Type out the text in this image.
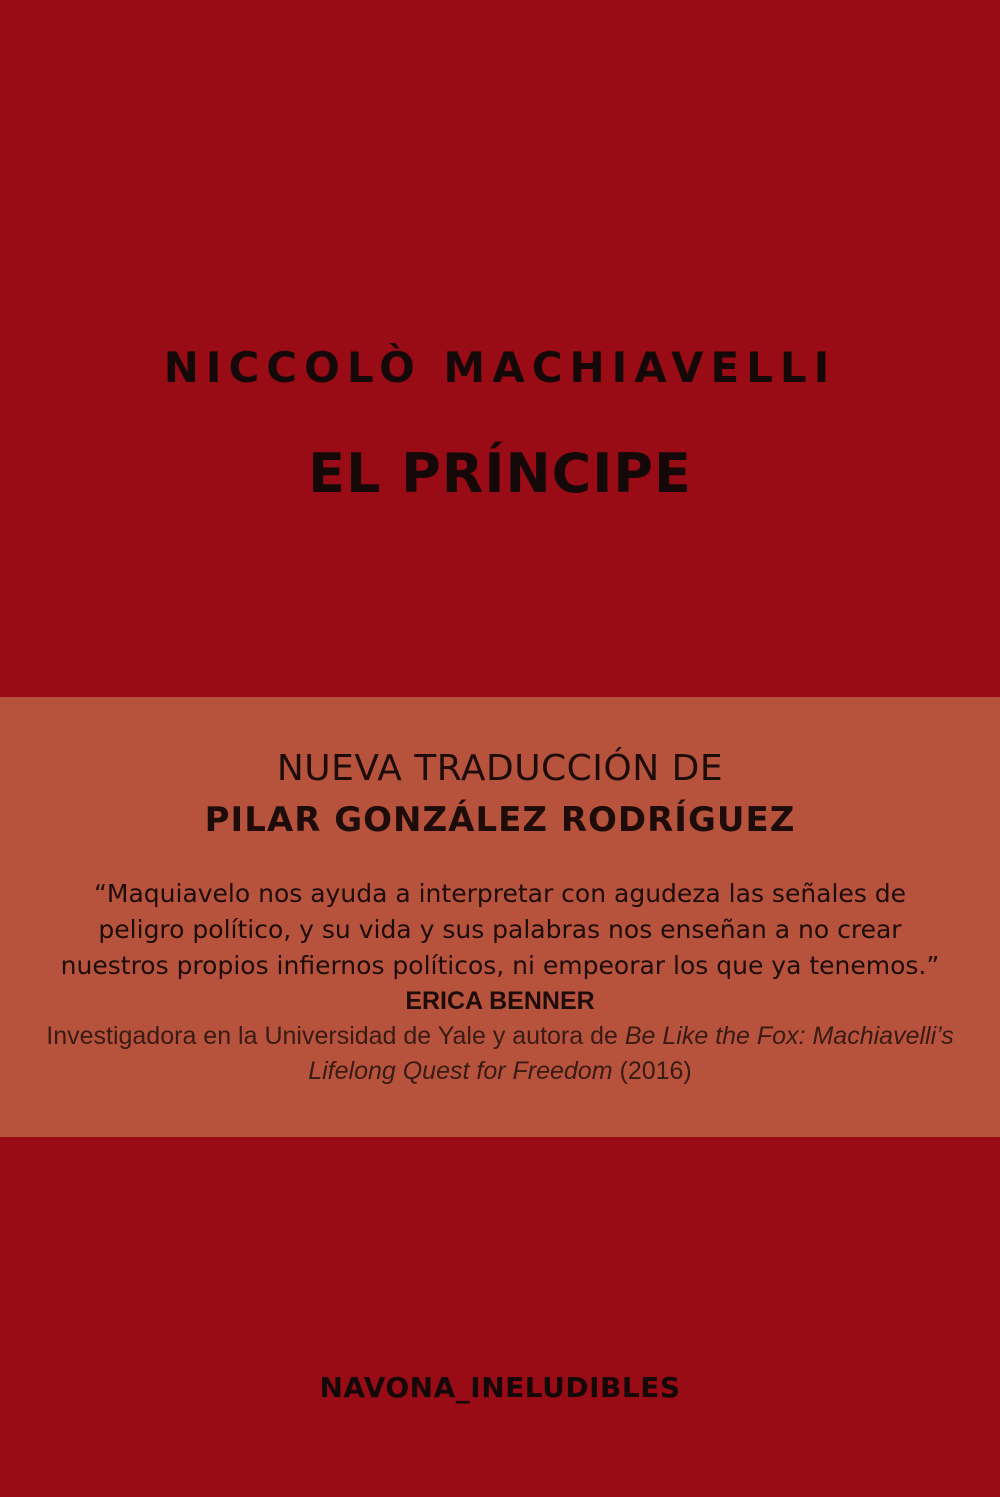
NICCOLÒ MACHIAVELLI
EL PRÍNCIPE
NUEVA TRADUCCIÓN DE
PILAR GONZÁLEZ RODRÍGUEZ
“Maquiavelo nos ayuda a interpretar con agudeza las señales de
peligro político, y su vida y sus palabras nos enseñan a no crear
nuestros propios infiernos políticos, ni empeorar los que ya tenemos.”
ERICA BENNER
Investigadora en la Universidad de Yale y autora de Be Like the Fox: Machiavelli’s
Lifelong Quest for Freedom (2016)
NAVONA_INELUDIBLES
